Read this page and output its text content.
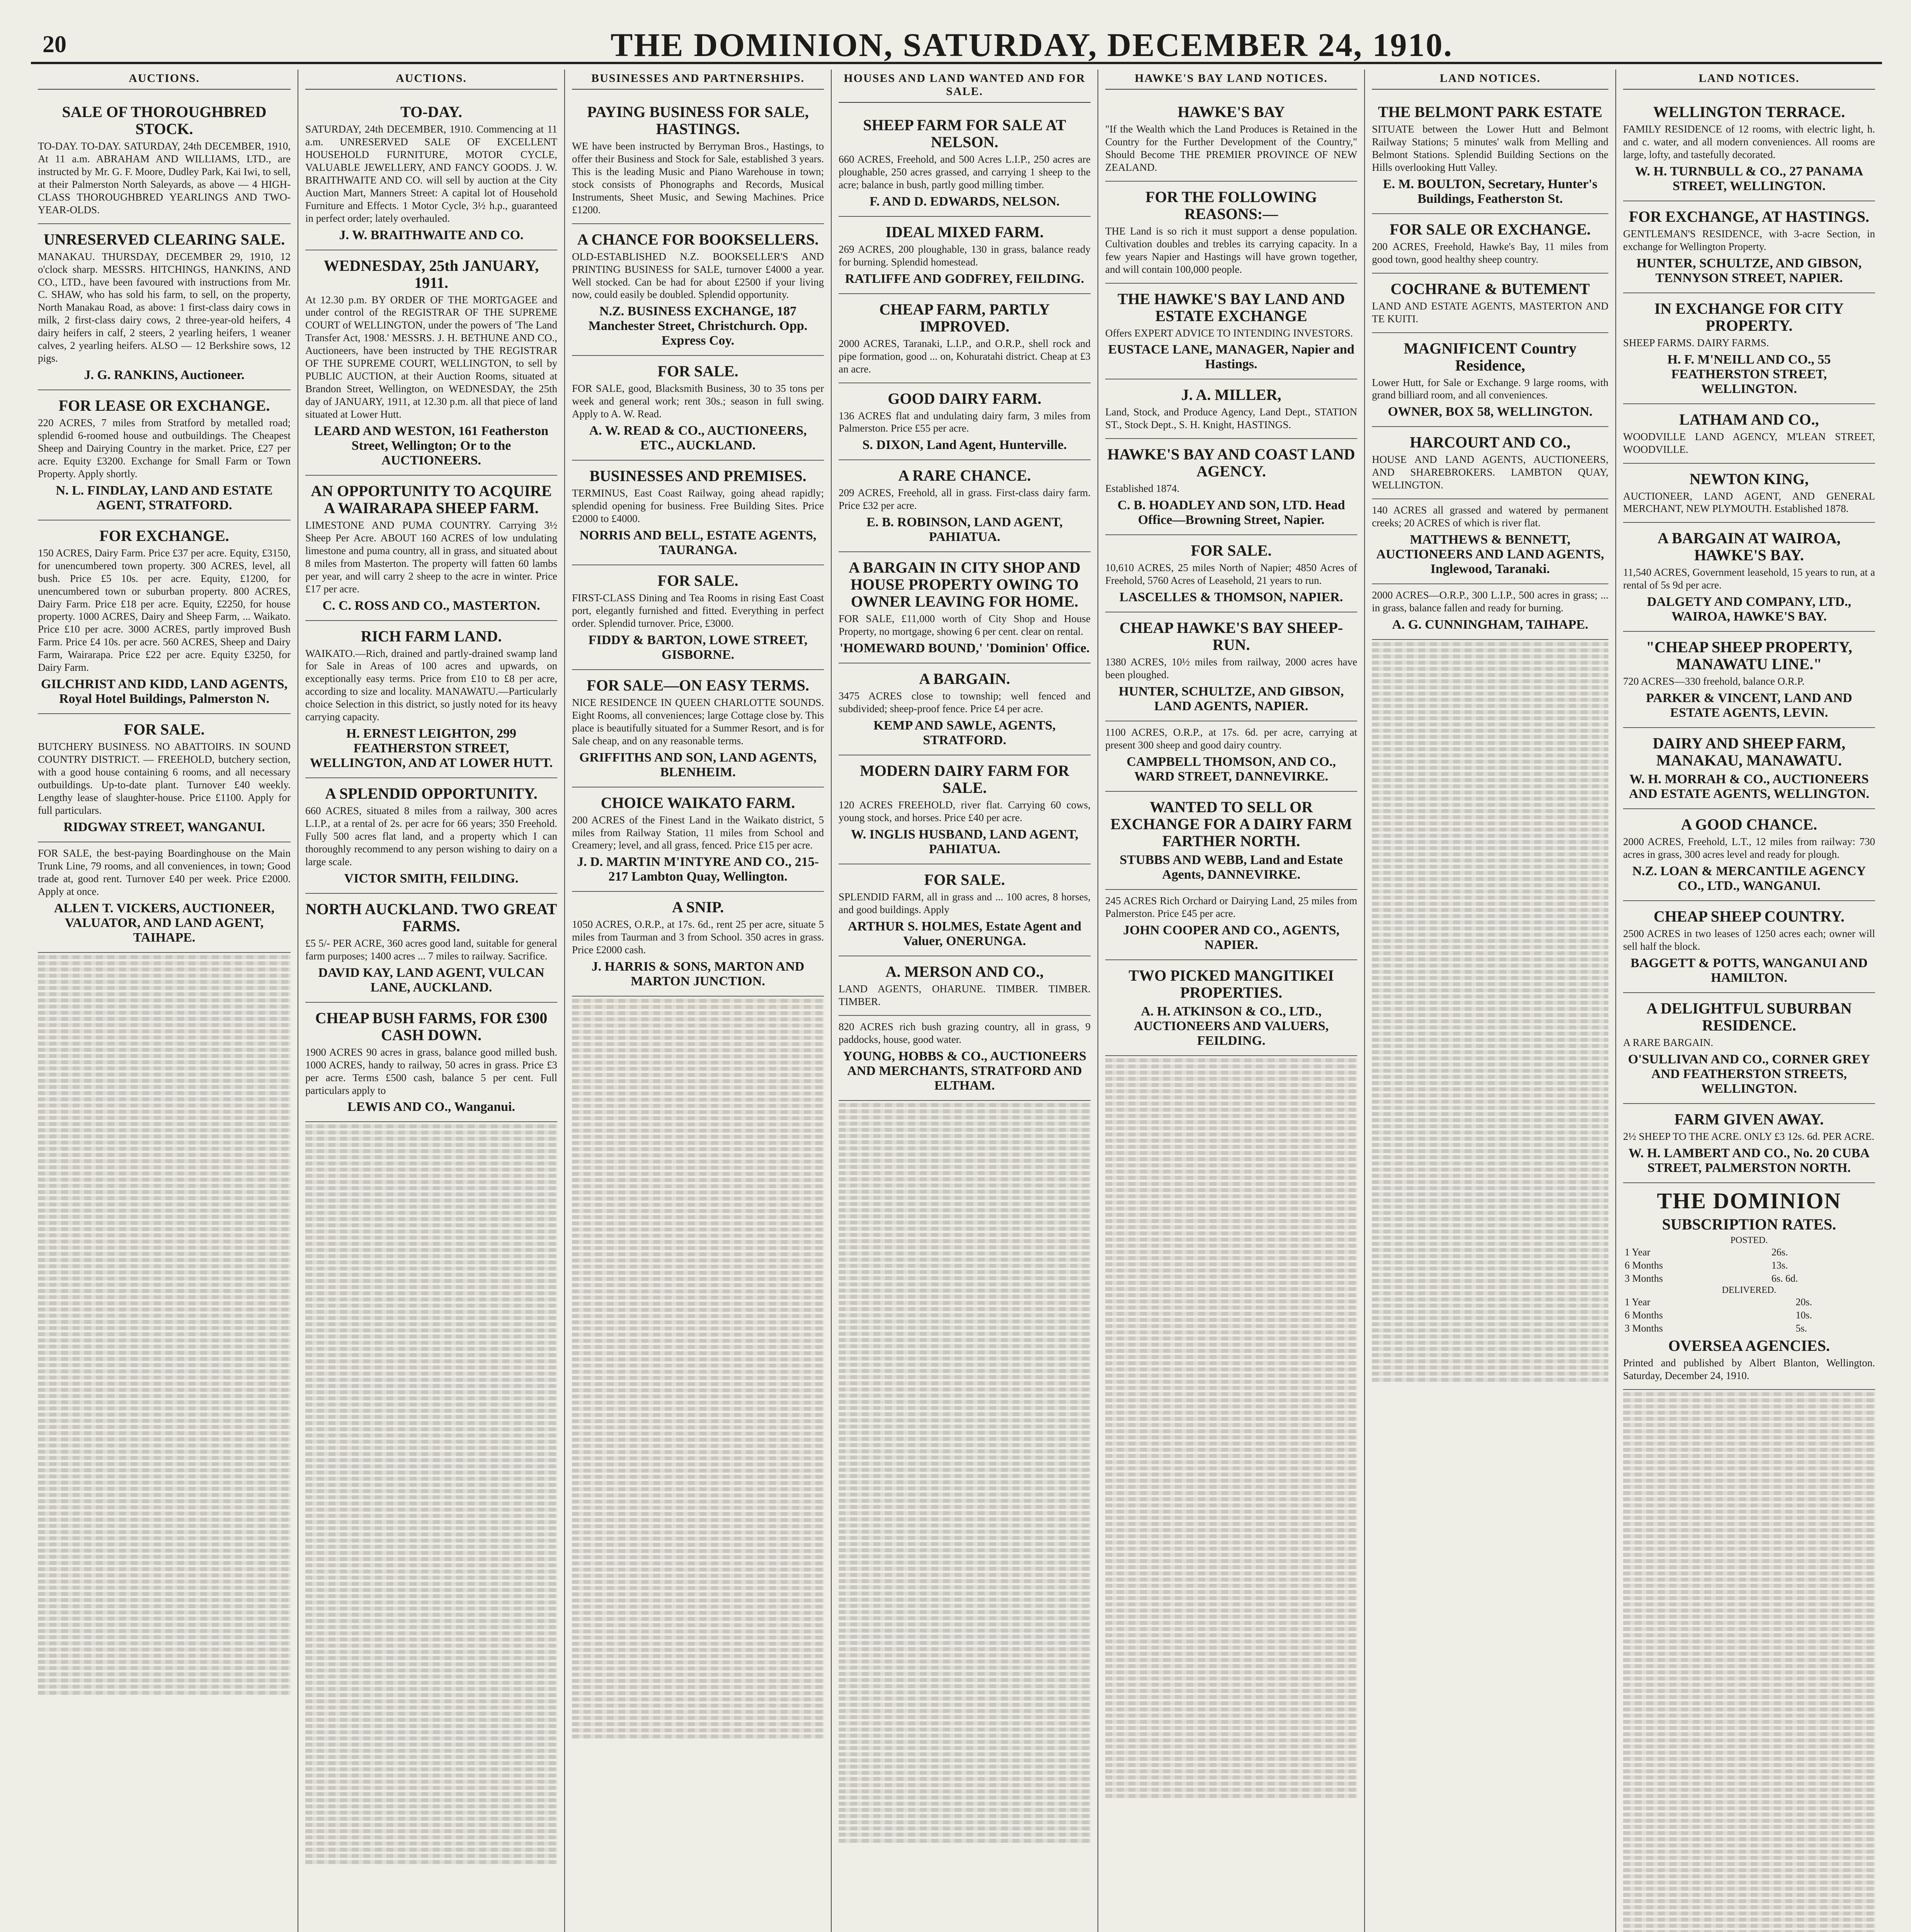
20	THE DOMINION, SATURDAY, DECEMBER 24, 1910.
AUCTIONS.
SALE OF THOROUGHBRED STOCK.
TO-DAY. TO-DAY. SATURDAY, 24th DECEMBER, 1910, At 11 a.m. ABRAHAM AND WILLIAMS, LTD., are instructed by Mr. G. F. Moore, Dudley Park, Kai Iwi, to sell, at their Palmerston North Saleyards, as above — 4 HIGH-CLASS THOROUGHBRED YEARLINGS AND TWO-YEAR-OLDS.
UNRESERVED CLEARING SALE.
MANAKAU. THURSDAY, DECEMBER 29, 1910, 12 o'clock sharp. MESSRS. HITCHINGS, HANKINS, AND CO., LTD., have been favoured with instructions from Mr. C. SHAW, who has sold his farm, to sell, on the property, North Manakau Road, as above: 1 first-class dairy cows in milk, 2 first-class dairy cows, 2 three-year-old heifers, 4 dairy heifers in calf, 2 steers, 2 yearling heifers, 1 weaner calves, 2 yearling heifers. ALSO — 12 Berkshire sows, 12 pigs.
J. G. RANKINS, Auctioneer.
FOR LEASE OR EXCHANGE.
220 ACRES, 7 miles from Stratford by metalled road; splendid 6-roomed house and outbuildings. The Cheapest Sheep and Dairying Country in the market. Price, £27 per acre. Equity £3200. Exchange for Small Farm or Town Property. Apply shortly.
N. L. FINDLAY, LAND AND ESTATE AGENT, STRATFORD.
FOR EXCHANGE.
150 ACRES, Dairy Farm. Price £37 per acre. Equity, £3150, for unencumbered town property. 300 ACRES, level, all bush. Price £5 10s. per acre. Equity, £1200, for unencumbered town or suburban property. 800 ACRES, Dairy Farm. Price £18 per acre. Equity, £2250, for house property. 1000 ACRES, Dairy and Sheep Farm, ... Waikato. Price £10 per acre. 3000 ACRES, partly improved Bush Farm. Price £4 10s. per acre. 560 ACRES, Sheep and Dairy Farm, Wairarapa. Price £22 per acre. Equity £3250, for Dairy Farm.
GILCHRIST AND KIDD, LAND AGENTS, Royal Hotel Buildings, Palmerston N.
FOR SALE.
BUTCHERY BUSINESS. NO ABATTOIRS. IN SOUND COUNTRY DISTRICT. — FREEHOLD, butchery section, with a good house containing 6 rooms, and all necessary outbuildings. Up-to-date plant. Turnover £40 weekly. Lengthy lease of slaughter-house. Price £1100. Apply for full particulars.
RIDGWAY STREET, WANGANUI.
FOR SALE, the best-paying Boardinghouse on the Main Trunk Line, 79 rooms, and all conveniences, in town; Good trade at, good rent. Turnover £40 per week. Price £2000. Apply at once.
ALLEN T. VICKERS, AUCTIONEER, VALUATOR, AND LAND AGENT, TAIHAPE.
AUCTIONS.
TO-DAY.
SATURDAY, 24th DECEMBER, 1910. Commencing at 11 a.m. UNRESERVED SALE OF EXCELLENT HOUSEHOLD FURNITURE, MOTOR CYCLE, VALUABLE JEWELLERY, AND FANCY GOODS. J. W. BRAITHWAITE AND CO. will sell by auction at the City Auction Mart, Manners Street: A capital lot of Household Furniture and Effects. 1 Motor Cycle, 3½ h.p., guaranteed in perfect order; lately overhauled.
J. W. BRAITHWAITE AND CO.
WEDNESDAY, 25th JANUARY, 1911.
At 12.30 p.m. BY ORDER OF THE MORTGAGEE and under control of the REGISTRAR OF THE SUPREME COURT of WELLINGTON, under the powers of 'The Land Transfer Act, 1908.' MESSRS. J. H. BETHUNE AND CO., Auctioneers, have been instructed by THE REGISTRAR OF THE SUPREME COURT, WELLINGTON, to sell by PUBLIC AUCTION, at their Auction Rooms, situated at Brandon Street, Wellington, on WEDNESDAY, the 25th day of JANUARY, 1911, at 12.30 p.m. all that piece of land situated at Lower Hutt.
LEARD AND WESTON, 161 Featherston Street, Wellington; Or to the AUCTIONEERS.
AN OPPORTUNITY TO ACQUIRE A WAIRARAPA SHEEP FARM.
LIMESTONE AND PUMA COUNTRY. Carrying 3½ Sheep Per Acre. ABOUT 160 ACRES of low undulating limestone and puma country, all in grass, and situated about 8 miles from Masterton. The property will fatten 60 lambs per year, and will carry 2 sheep to the acre in winter. Price £17 per acre.
C. C. ROSS AND CO., MASTERTON.
RICH FARM LAND.
WAIKATO.—Rich, drained and partly-drained swamp land for Sale in Areas of 100 acres and upwards, on exceptionally easy terms. Price from £10 to £8 per acre, according to size and locality. MANAWATU.—Particularly choice Selection in this district, so justly noted for its heavy carrying capacity.
H. ERNEST LEIGHTON, 299 FEATHERSTON STREET, WELLINGTON, AND AT LOWER HUTT.
A SPLENDID OPPORTUNITY.
660 ACRES, situated 8 miles from a railway, 300 acres L.I.P., at a rental of 2s. per acre for 66 years; 350 Freehold. Fully 500 acres flat land, and a property which I can thoroughly recommend to any person wishing to dairy on a large scale.
VICTOR SMITH, FEILDING.
NORTH AUCKLAND. TWO GREAT FARMS.
£5 5/- PER ACRE, 360 acres good land, suitable for general farm purposes; 1400 acres ... 7 miles to railway. Sacrifice.
DAVID KAY, LAND AGENT, VULCAN LANE, AUCKLAND.
CHEAP BUSH FARMS, FOR £300 CASH DOWN.
1900 ACRES 90 acres in grass, balance good milled bush. 1000 ACRES, handy to railway, 50 acres in grass. Price £3 per acre. Terms £500 cash, balance 5 per cent. Full particulars apply to
LEWIS AND CO., Wanganui.
BUSINESSES AND PARTNERSHIPS.
PAYING BUSINESS FOR SALE, HASTINGS.
WE have been instructed by Berryman Bros., Hastings, to offer their Business and Stock for Sale, established 3 years. This is the leading Music and Piano Warehouse in town; stock consists of Phonographs and Records, Musical Instruments, Sheet Music, and Sewing Machines. Price £1200.
A CHANCE FOR BOOKSELLERS.
OLD-ESTABLISHED N.Z. BOOKSELLER'S AND PRINTING BUSINESS for SALE, turnover £4000 a year. Well stocked. Can be had for about £2500 if your living now, could easily be doubled. Splendid opportunity.
N.Z. BUSINESS EXCHANGE, 187 Manchester Street, Christchurch. Opp. Express Coy.
FOR SALE.
FOR SALE, good, Blacksmith Business, 30 to 35 tons per week and general work; rent 30s.; season in full swing. Apply to A. W. Read.
A. W. READ & CO., AUCTIONEERS, ETC., AUCKLAND.
BUSINESSES AND PREMISES.
TERMINUS, East Coast Railway, going ahead rapidly; splendid opening for business. Free Building Sites. Price £2000 to £4000.
NORRIS AND BELL, ESTATE AGENTS, TAURANGA.
FOR SALE.
FIRST-CLASS Dining and Tea Rooms in rising East Coast port, elegantly furnished and fitted. Everything in perfect order. Splendid turnover. Price, £3000.
FIDDY & BARTON, LOWE STREET, GISBORNE.
FOR SALE—ON EASY TERMS.
NICE RESIDENCE IN QUEEN CHARLOTTE SOUNDS. Eight Rooms, all conveniences; large Cottage close by. This place is beautifully situated for a Summer Resort, and is for Sale cheap, and on any reasonable terms.
GRIFFITHS AND SON, LAND AGENTS, BLENHEIM.
CHOICE WAIKATO FARM.
200 ACRES of the Finest Land in the Waikato district, 5 miles from Railway Station, 11 miles from School and Creamery; level, and all grass, fenced. Price £15 per acre.
J. D. MARTIN M'INTYRE AND CO., 215-217 Lambton Quay, Wellington.
A SNIP.
1050 ACRES, O.R.P., at 17s. 6d., rent 25 per acre, situate 5 miles from Taurman and 3 from School. 350 acres in grass. Price £2000 cash.
J. HARRIS & SONS, MARTON AND MARTON JUNCTION.
HOUSES AND LAND WANTED AND FOR SALE.
SHEEP FARM FOR SALE AT NELSON.
660 ACRES, Freehold, and 500 Acres L.I.P., 250 acres are ploughable, 250 acres grassed, and carrying 1 sheep to the acre; balance in bush, partly good milling timber.
F. AND D. EDWARDS, NELSON.
IDEAL MIXED FARM.
269 ACRES, 200 ploughable, 130 in grass, balance ready for burning. Splendid homestead.
RATLIFFE AND GODFREY, FEILDING.
CHEAP FARM, PARTLY IMPROVED.
2000 ACRES, Taranaki, L.I.P., and O.R.P., shell rock and pipe formation, good ... on, Kohuratahi district. Cheap at £3 an acre.
GOOD DAIRY FARM.
136 ACRES flat and undulating dairy farm, 3 miles from Palmerston. Price £55 per acre.
S. DIXON, Land Agent, Hunterville.
A RARE CHANCE.
209 ACRES, Freehold, all in grass. First-class dairy farm. Price £32 per acre.
E. B. ROBINSON, LAND AGENT, PAHIATUA.
A BARGAIN IN CITY SHOP AND HOUSE PROPERTY OWING TO OWNER LEAVING FOR HOME.
FOR SALE, £11,000 worth of City Shop and House Property, no mortgage, showing 6 per cent. clear on rental.
'HOMEWARD BOUND,' 'Dominion' Office.
A BARGAIN.
3475 ACRES close to township; well fenced and subdivided; sheep-proof fence. Price £4 per acre.
KEMP AND SAWLE, AGENTS, STRATFORD.
MODERN DAIRY FARM FOR SALE.
120 ACRES FREEHOLD, river flat. Carrying 60 cows, young stock, and horses. Price £40 per acre.
W. INGLIS HUSBAND, LAND AGENT, PAHIATUA.
FOR SALE.
SPLENDID FARM, all in grass and ... 100 acres, 8 horses, and good buildings. Apply
ARTHUR S. HOLMES, Estate Agent and Valuer, ONERUNGA.
A. MERSON AND CO.,
LAND AGENTS, OHARUNE. TIMBER. TIMBER. TIMBER.
820 ACRES rich bush grazing country, all in grass, 9 paddocks, house, good water.
YOUNG, HOBBS & CO., AUCTIONEERS AND MERCHANTS, STRATFORD AND ELTHAM.
HAWKE'S BAY LAND NOTICES.
HAWKE'S BAY
"If the Wealth which the Land Produces is Retained in the Country for the Further Development of the Country," Should Become THE PREMIER PROVINCE OF NEW ZEALAND.
FOR THE FOLLOWING REASONS:—
THE Land is so rich it must support a dense population. Cultivation doubles and trebles its carrying capacity. In a few years Napier and Hastings will have grown together, and will contain 100,000 people.
THE HAWKE'S BAY LAND AND ESTATE EXCHANGE
Offers EXPERT ADVICE TO INTENDING INVESTORS.
EUSTACE LANE, MANAGER, Napier and Hastings.
J. A. MILLER,
Land, Stock, and Produce Agency, Land Dept., STATION ST., Stock Dept., S. H. Knight, HASTINGS.
HAWKE'S BAY AND COAST LAND AGENCY.
Established 1874.
C. B. HOADLEY AND SON, LTD. Head Office—Browning Street, Napier.
FOR SALE.
10,610 ACRES, 25 miles North of Napier; 4850 Acres of Freehold, 5760 Acres of Leasehold, 21 years to run.
LASCELLES & THOMSON, NAPIER.
CHEAP HAWKE'S BAY SHEEP-RUN.
1380 ACRES, 10½ miles from railway, 2000 acres have been ploughed.
HUNTER, SCHULTZE, AND GIBSON, LAND AGENTS, NAPIER.
1100 ACRES, O.R.P., at 17s. 6d. per acre, carrying at present 300 sheep and good dairy country.
CAMPBELL THOMSON, AND CO., WARD STREET, DANNEVIRKE.
WANTED TO SELL OR EXCHANGE FOR A DAIRY FARM FARTHER NORTH.
STUBBS AND WEBB, Land and Estate Agents, DANNEVIRKE.
245 ACRES Rich Orchard or Dairying Land, 25 miles from Palmerston. Price £45 per acre.
JOHN COOPER AND CO., AGENTS, NAPIER.
TWO PICKED MANGITIKEI PROPERTIES.
A. H. ATKINSON & CO., LTD., AUCTIONEERS AND VALUERS, FEILDING.
LAND NOTICES.
THE BELMONT PARK ESTATE
SITUATE between the Lower Hutt and Belmont Railway Stations; 5 minutes' walk from Melling and Belmont Stations. Splendid Building Sections on the Hills overlooking Hutt Valley.
E. M. BOULTON, Secretary, Hunter's Buildings, Featherston St.
FOR SALE OR EXCHANGE.
200 ACRES, Freehold, Hawke's Bay, 11 miles from good town, good healthy sheep country.
COCHRANE & BUTEMENT
LAND AND ESTATE AGENTS, MASTERTON AND TE KUITI.
MAGNIFICENT Country Residence,
Lower Hutt, for Sale or Exchange. 9 large rooms, with grand billiard room, and all conveniences.
OWNER, BOX 58, WELLINGTON.
HARCOURT AND CO.,
HOUSE AND LAND AGENTS, AUCTIONEERS, AND SHAREBROKERS. LAMBTON QUAY, WELLINGTON.
140 ACRES all grassed and watered by permanent creeks; 20 ACRES of which is river flat.
MATTHEWS & BENNETT, AUCTIONEERS AND LAND AGENTS, Inglewood, Taranaki.
2000 ACRES—O.R.P., 300 L.I.P., 500 acres in grass; ... in grass, balance fallen and ready for burning.
A. G. CUNNINGHAM, TAIHAPE.
LAND NOTICES.
WELLINGTON TERRACE.
FAMILY RESIDENCE of 12 rooms, with electric light, h. and c. water, and all modern conveniences. All rooms are large, lofty, and tastefully decorated.
W. H. TURNBULL & CO., 27 PANAMA STREET, WELLINGTON.
FOR EXCHANGE, AT HASTINGS.
GENTLEMAN'S RESIDENCE, with 3-acre Section, in exchange for Wellington Property.
HUNTER, SCHULTZE, AND GIBSON, TENNYSON STREET, NAPIER.
IN EXCHANGE FOR CITY PROPERTY.
SHEEP FARMS. DAIRY FARMS.
H. F. M'NEILL AND CO., 55 FEATHERSTON STREET, WELLINGTON.
LATHAM AND CO.,
WOODVILLE LAND AGENCY, M'LEAN STREET, WOODVILLE.
NEWTON KING,
AUCTIONEER, LAND AGENT, AND GENERAL MERCHANT, NEW PLYMOUTH. Established 1878.
A BARGAIN AT WAIROA, HAWKE'S BAY.
11,540 ACRES, Government leasehold, 15 years to run, at a rental of 5s 9d per acre.
DALGETY AND COMPANY, LTD., WAIROA, HAWKE'S BAY.
"CHEAP SHEEP PROPERTY, MANAWATU LINE."
720 ACRES—330 freehold, balance O.R.P.
PARKER & VINCENT, LAND AND ESTATE AGENTS, LEVIN.
DAIRY AND SHEEP FARM, MANAKAU, MANAWATU.
W. H. MORRAH & CO., AUCTIONEERS AND ESTATE AGENTS, WELLINGTON.
A GOOD CHANCE.
2000 ACRES, Freehold, L.T., 12 miles from railway: 730 acres in grass, 300 acres level and ready for plough.
N.Z. LOAN & MERCANTILE AGENCY CO., LTD., WANGANUI.
CHEAP SHEEP COUNTRY.
2500 ACRES in two leases of 1250 acres each; owner will sell half the block.
BAGGETT & POTTS, WANGANUI AND HAMILTON.
A DELIGHTFUL SUBURBAN RESIDENCE.
A RARE BARGAIN.
O'SULLIVAN AND CO., CORNER GREY AND FEATHERSTON STREETS, WELLINGTON.
FARM GIVEN AWAY.
2½ SHEEP TO THE ACRE. ONLY £3 12s. 6d. PER ACRE.
W. H. LAMBERT AND CO., No. 20 CUBA STREET, PALMERSTON NORTH.
THE DOMINION
SUBSCRIPTION RATES.
POSTED.
1 Year	26s.
6 Months	13s.
3 Months	6s. 6d.
DELIVERED.
1 Year	20s.
6 Months	10s.
3 Months	5s.
OVERSEA AGENCIES.
Printed and published by Albert Blanton, Wellington. Saturday, December 24, 1910.
